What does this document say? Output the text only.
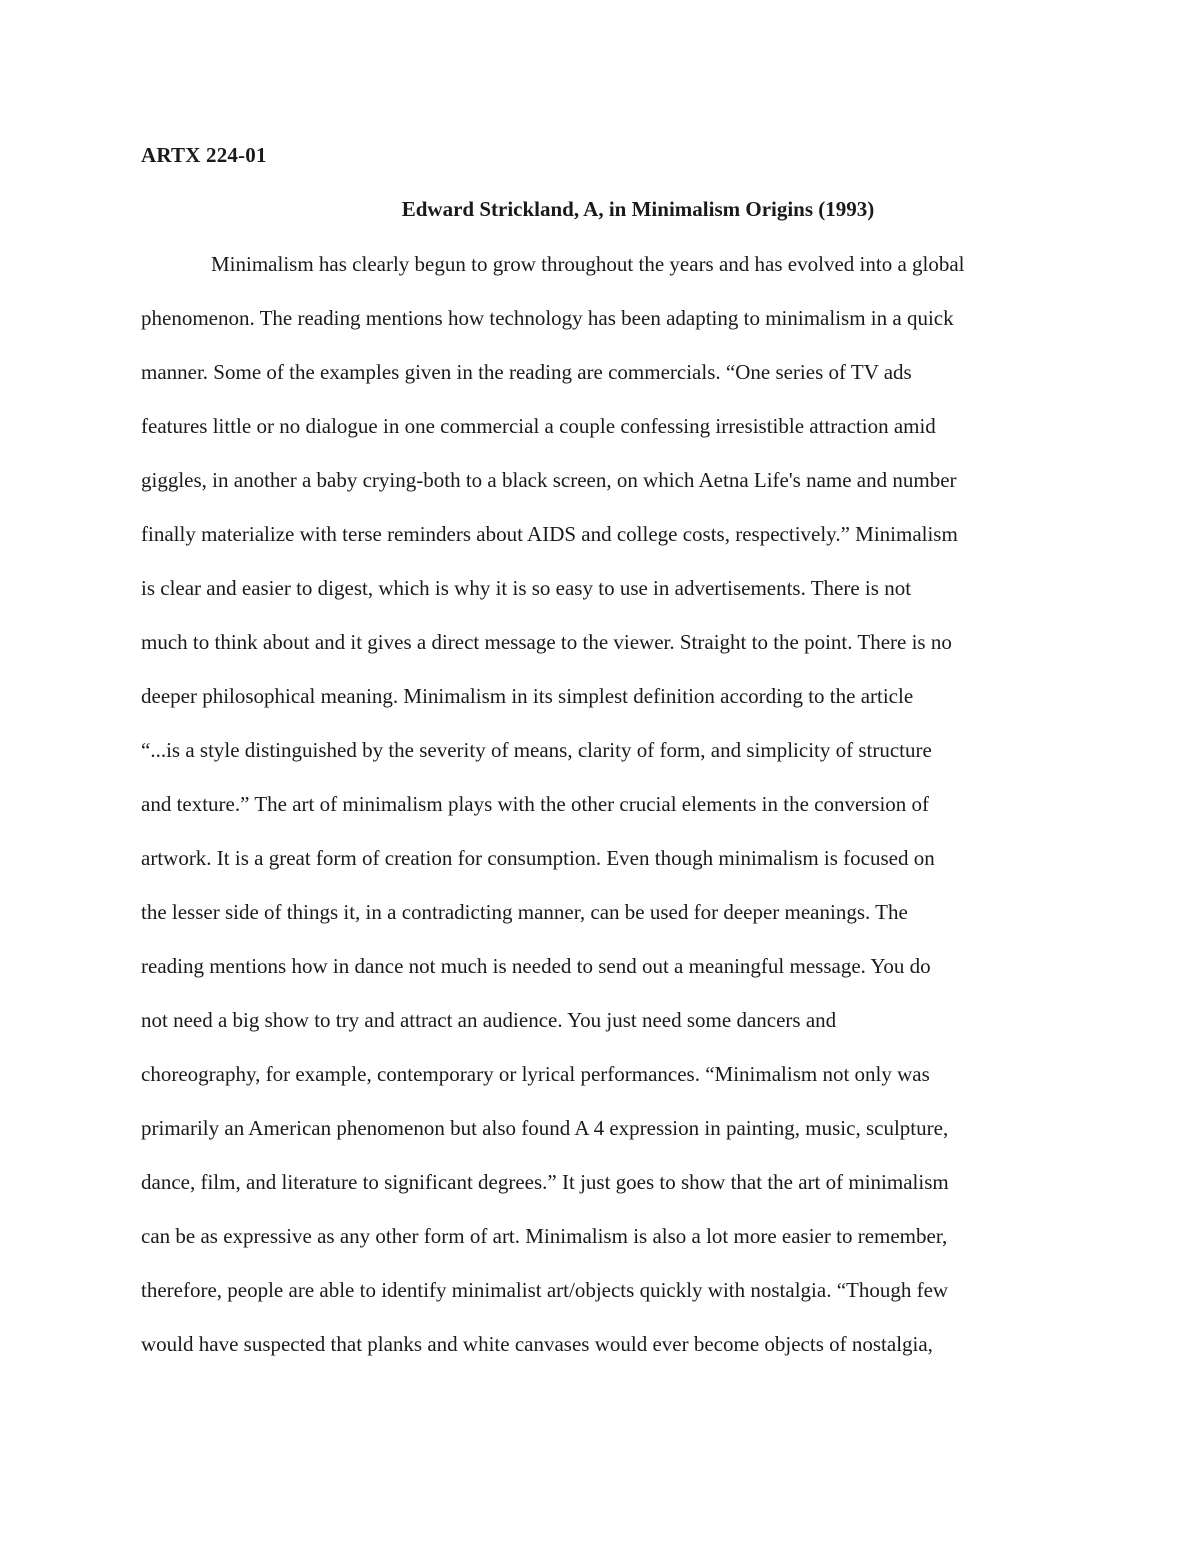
ARTX 224-01
Edward Strickland, A, in Minimalism Origins (1993)
Minimalism has clearly begun to grow throughout the years and has evolved into a global
phenomenon. The reading mentions how technology has been adapting to minimalism in a quick
manner. Some of the examples given in the reading are commercials. “One series of TV ads
features little or no dialogue in one commercial a couple confessing irresistible attraction amid
giggles, in another a baby crying-both to a black screen, on which Aetna Life's name and number
finally materialize with terse reminders about AIDS and college costs, respectively.” Minimalism
is clear and easier to digest, which is why it is so easy to use in advertisements. There is not
much to think about and it gives a direct message to the viewer. Straight to the point. There is no
deeper philosophical meaning. Minimalism in its simplest definition according to the article
“...is a style distinguished by the severity of means, clarity of form, and simplicity of structure
and texture.” The art of minimalism plays with the other crucial elements in the conversion of
artwork. It is a great form of creation for consumption. Even though minimalism is focused on
the lesser side of things it, in a contradicting manner, can be used for deeper meanings. The
reading mentions how in dance not much is needed to send out a meaningful message. You do
not need a big show to try and attract an audience. You just need some dancers and
choreography, for example, contemporary or lyrical performances. “Minimalism not only was
primarily an American phenomenon but also found A 4 expression in painting, music, sculpture,
dance, film, and literature to significant degrees.” It just goes to show that the art of minimalism
can be as expressive as any other form of art. Minimalism is also a lot more easier to remember,
therefore, people are able to identify minimalist art/objects quickly with nostalgia. “Though few
would have suspected that planks and white canvases would ever become objects of nostalgia,
